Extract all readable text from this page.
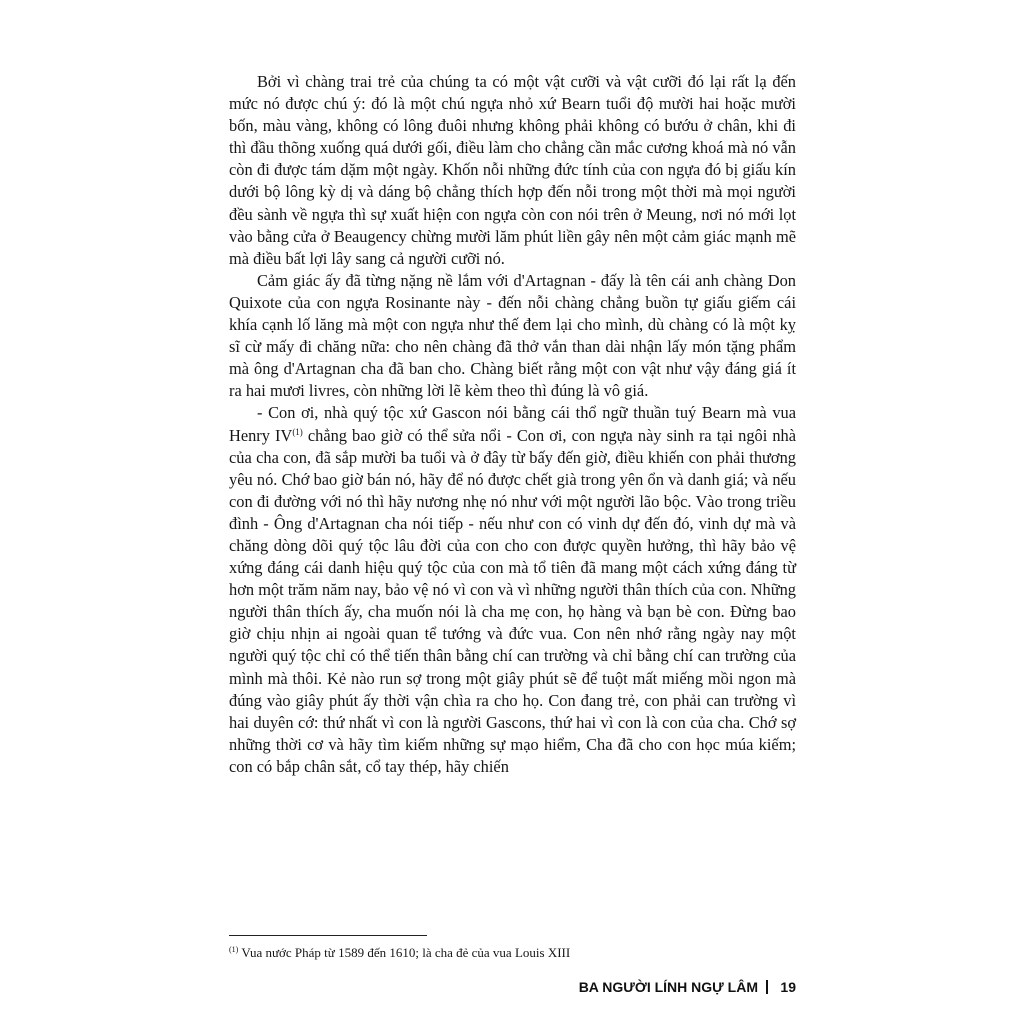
Bởi vì chàng trai trẻ của chúng ta có một vật cưỡi và vật cưỡi đó lại rất lạ đến mức nó được chú ý: đó là một chú ngựa nhỏ xứ Bearn tuổi độ mười hai hoặc mười bốn, màu vàng, không có lông đuôi nhưng không phải không có bướu ở chân, khi đi thì đầu thõng xuống quá dưới gối, điều làm cho chẳng cần mắc cương khoá mà nó vẫn còn đi được tám dặm một ngày. Khốn nỗi những đức tính của con ngựa đó bị giấu kín dưới bộ lông kỳ dị và dáng bộ chẳng thích hợp đến nỗi trong một thời mà mọi người đều sành về ngựa thì sự xuất hiện con ngựa còn con nói trên ở Meung, nơi nó mới lọt vào bằng cửa ở Beaugency chừng mười lăm phút liền gây nên một cảm giác mạnh mẽ mà điều bất lợi lây sang cả người cưỡi nó.

Cảm giác ấy đã từng nặng nề lắm với d'Artagnan - đấy là tên cái anh chàng Don Quixote của con ngựa Rosinante này - đến nỗi chàng chẳng buồn tự giấu giếm cái khía cạnh lố lăng mà một con ngựa như thế đem lại cho mình, dù chàng có là một kỵ sĩ cừ mấy đi chăng nữa: cho nên chàng đã thở vắn than dài nhận lấy món tặng phẩm mà ông d'Artagnan cha đã ban cho. Chàng biết rằng một con vật như vậy đáng giá ít ra hai mươi livres, còn những lời lẽ kèm theo thì đúng là vô giá.

- Con ơi, nhà quý tộc xứ Gascon nói bằng cái thổ ngữ thuần tuý Bearn mà vua Henry IV$^{(1)}$ chẳng bao giờ có thể sửa nổi - Con ơi, con ngựa này sinh ra tại ngôi nhà của cha con, đã sắp mười ba tuổi và ở đây từ bấy đến giờ, điều khiến con phải thương yêu nó. Chớ bao giờ bán nó, hãy để nó được chết già trong yên ổn và danh giá; và nếu con đi đường với nó thì hãy nương nhẹ nó như với một người lão bộc. Vào trong triều đình - Ông d'Artagnan cha nói tiếp - nếu như con có vinh dự đến đó, vinh dự mà và chăng dòng dõi quý tộc lâu đời của con cho con được quyền hưởng, thì hãy bảo vệ xứng đáng cái danh hiệu quý tộc của con mà tổ tiên đã mang một cách xứng đáng từ hơn một trăm năm nay, bảo vệ nó vì con và vì những người thân thích của con. Những người thân thích ấy, cha muốn nói là cha mẹ con, họ hàng và bạn bè con. Đừng bao giờ chịu nhịn ai ngoài quan tể tướng và đức vua. Con nên nhớ rằng ngày nay một người quý tộc chỉ có thể tiến thân bằng chí can trường và chỉ bằng chí can trường của mình mà thôi. Kẻ nào run sợ trong một giây phút sẽ để tuột mất miếng mồi ngon mà đúng vào giây phút ấy thời vận chìa ra cho họ. Con đang trẻ, con phải can trường vì hai duyên cớ: thứ nhất vì con là người Gascons, thứ hai vì con là con của cha. Chớ sợ những thời cơ và hãy tìm kiếm những sự mạo hiểm, Cha đã cho con học múa kiếm; con có bắp chân sắt, cổ tay thép, hãy chiến

$^{(1)}$ Vua nước Pháp từ 1589 đến 1610; là cha đẻ của vua Louis XIII
BA NGƯỜI LÍNH NGỰ LÂM 19
